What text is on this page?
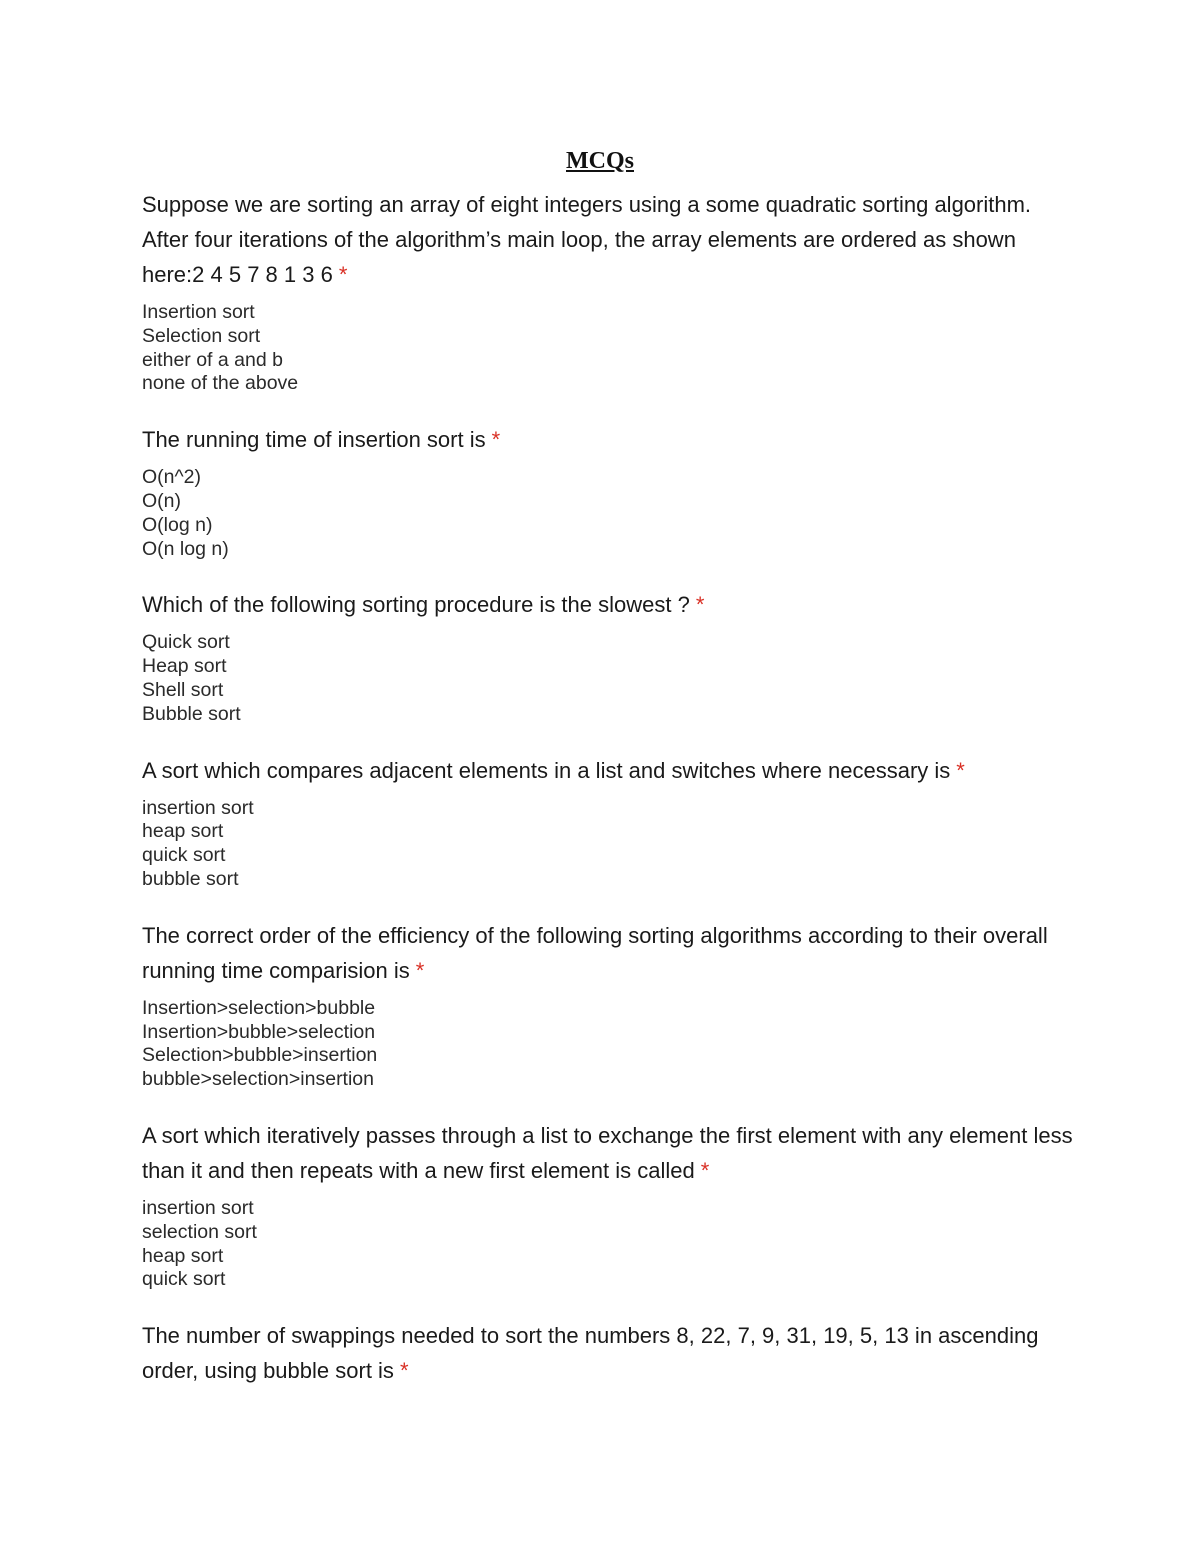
MCQs

Suppose we are sorting an array of eight integers using a some quadratic sorting algorithm. After four iterations of the algorithm’s main loop, the array elements are ordered as shown here:2 4 5 7 8 1 3 6 *

Insertion sort
Selection sort
either of a and b
none of the above

The running time of insertion sort is *

O(n^2)
O(n)
O(log n)
O(n log n)

Which of the following sorting procedure is the slowest ? *

Quick sort
Heap sort
Shell sort
Bubble sort

A sort which compares adjacent elements in a list and switches where necessary is *

insertion sort
heap sort
quick sort
bubble sort

The correct order of the efficiency of the following sorting algorithms according to their overall running time comparision is *

Insertion>selection>bubble
Insertion>bubble>selection
Selection>bubble>insertion
bubble>selection>insertion

A sort which iteratively passes through a list to exchange the first element with any element less than it and then repeats with a new first element is called *

insertion sort
selection sort
heap sort
quick sort

The number of swappings needed to sort the numbers 8, 22, 7, 9, 31, 19, 5, 13 in ascending order, using bubble sort is *
